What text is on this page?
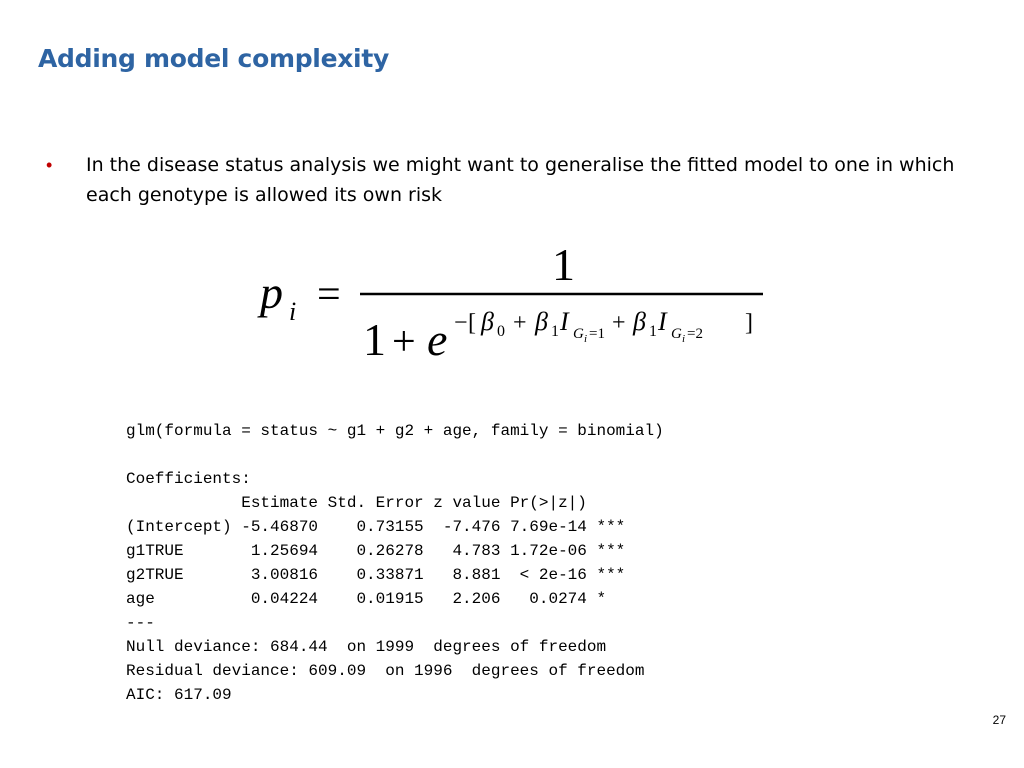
Adding model complexity
•	In the disease status analysis we might want to generalise the fitted model to one in which each genotype is allowed its own risk
p i =
1
1 + e − [ β 0 + β 1 I G i =1 + β 1 I G i =2 ]
glm(formula = status ~ g1 + g2 + age, family = binomial)
Coefficients:
Estimate Std. Error z value Pr(>|z|)
(Intercept) -5.46870    0.73155  -7.476 7.69e-14 ***
g1TRUE       1.25694    0.26278   4.783 1.72e-06 ***
g2TRUE       3.00816    0.33871   8.881  < 2e-16 ***
age          0.04224    0.01915   2.206   0.0274 *
---
Null deviance: 684.44  on 1999  degrees of freedom
Residual deviance: 609.09  on 1996  degrees of freedom
AIC: 617.09
27
